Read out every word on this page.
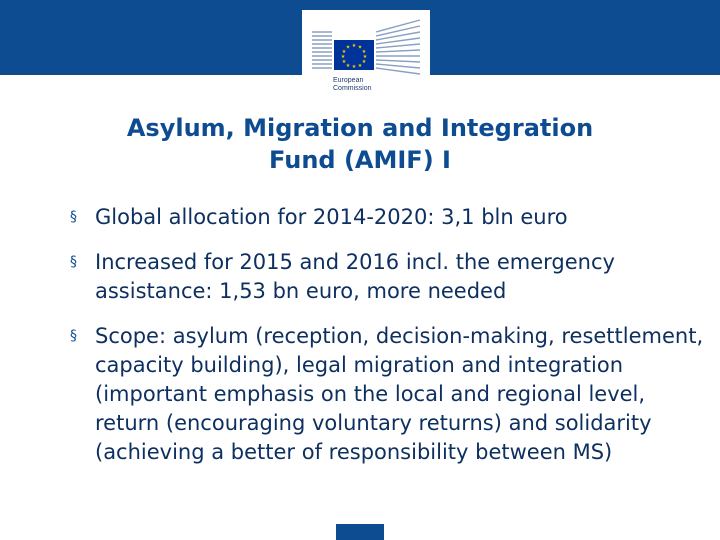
★ ★
★
★
★
★
★
★
★
★
★
★
European
Commission
Asylum, Migration and Integration
Fund (AMIF) I
§ Global allocation for 2014-2020: 3,1 bln euro
§ Increased for 2015 and 2016 incl. the emergency assistance: 1,53 bn euro, more needed
§ Scope: asylum (reception, decision-making, resettlement, capacity building), legal migration and integration (important emphasis on the local and regional level, return (encouraging voluntary returns) and solidarity (achieving a better of responsibility between MS)
